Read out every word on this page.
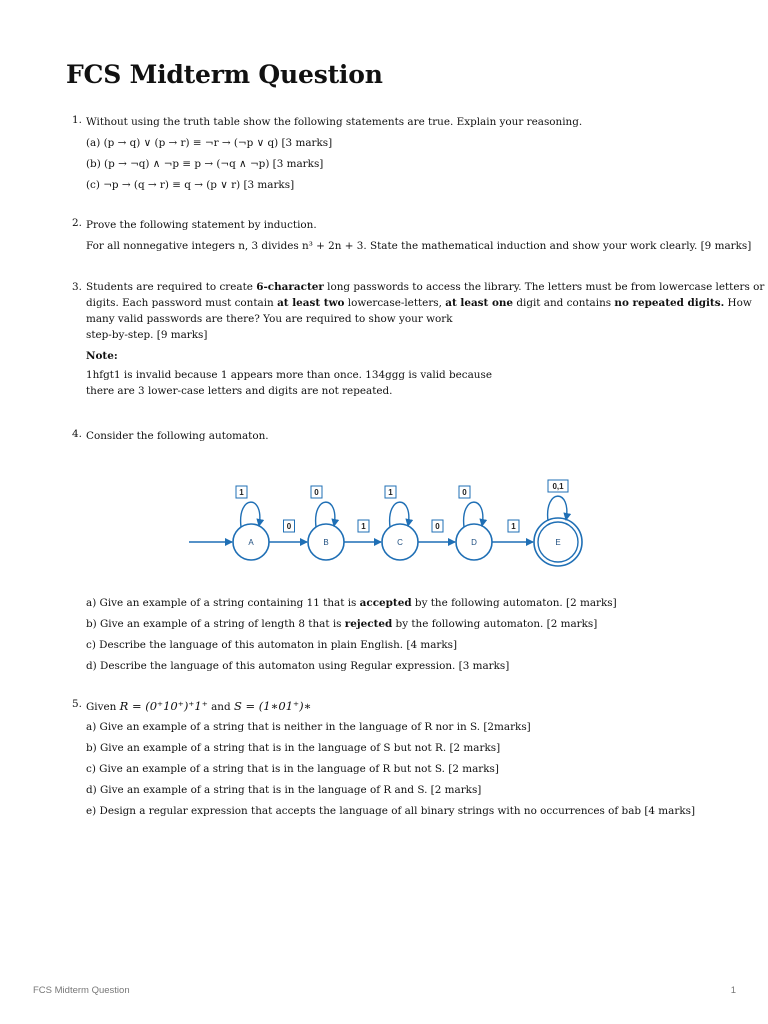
FCS Midterm Question
1. Without using the truth table show the following statements are true. Explain your reasoning.
(a) (p → q) ∨ (p → r) ≡ ¬r → (¬p ∨ q) [3 marks]
(b) (p → ¬q) ∧ ¬p ≡ p → (¬q ∧ ¬p) [3 marks]
(c) ¬p → (q → r) ≡ q → (p ∨ r) [3 marks]
2. Prove the following statement by induction.
For all nonnegative integers n, 3 divides n³ + 2n + 3. State the mathematical induction and show your work clearly. [9 marks]
3. Students are required to create 6-character long passwords to access the library. The letters must be from lowercase letters or
digits. Each password must contain at least two lowercase-letters, at least one digit and contains no repeated digits. How
many valid passwords are there? You are required to show your work
step-by-step. [9 marks]
Note:
1hfgt1 is invalid because 1 appears more than once. 134ggg is valid because
there are 3 lower-case letters and digits are not repeated.
4. Consider the following automaton.
A
1
B
0
C
1
D
0
E
0,1
0	1	0	1
a) Give an example of a string containing 11 that is accepted by the following automaton. [2 marks]
b) Give an example of a string of length 8 that is rejected by the following automaton. [2 marks]
c) Describe the language of this automaton in plain English. [4 marks]
d) Describe the language of this automaton using Regular expression. [3 marks]
5. Given R = (0⁺10⁺)⁺1⁺ and S = (1∗01⁺)∗
a) Give an example of a string that is neither in the language of R nor in S. [2marks]
b) Give an example of a string that is in the language of S but not R. [2 marks]
c) Give an example of a string that is in the language of R but not S. [2 marks]
d) Give an example of a string that is in the language of R and S. [2 marks]
e) Design a regular expression that accepts the language of all binary strings with no occurrences of bab [4 marks]
FCS Midterm Question	1
